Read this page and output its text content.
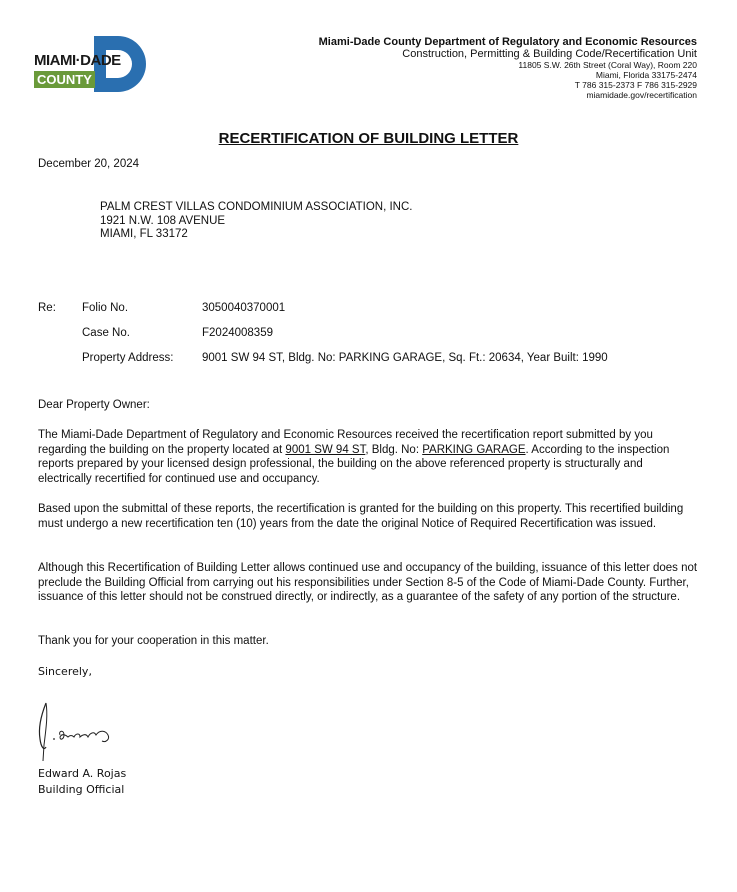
MIAMI·DADE
COUNTY
Miami-Dade County Department of Regulatory and Economic Resources
Construction, Permitting & Building Code/Recertification Unit
11805 S.W. 26th Street (Coral Way), Room 220
Miami, Florida 33175-2474
T 786 315-2373 F 786 315-2929
miamidade.gov/recertification
RECERTIFICATION OF BUILDING LETTER
December 20, 2024
PALM CREST VILLAS CONDOMINIUM ASSOCIATION, INC.
1921 N.W. 108 AVENUE
MIAMI, FL 33172
Re: Folio No.	3050040370001
Case No.	F2024008359
Property Address: 9001 SW 94 ST, Bldg. No: PARKING GARAGE, Sq. Ft.: 20634, Year Built: 1990
Dear Property Owner:
The Miami-Dade Department of Regulatory and Economic Resources received the recertification report submitted by you regarding the building on the property located at 9001 SW 94 ST, Bldg. No: PARKING GARAGE. According to the inspection reports prepared by your licensed design professional, the building on the above referenced property is structurally and electrically recertified for continued use and occupancy.
Based upon the submittal of these reports, the recertification is granted for the building on this property. This recertified building must undergo a new recertification ten (10) years from the date the original Notice of Required Recertification was issued.
Although this Recertification of Building Letter allows continued use and occupancy of the building, issuance of this letter does not preclude the Building Official from carrying out his responsibilities under Section 8-5 of the Code of Miami-Dade County. Further, issuance of this letter should not be construed directly, or indirectly, as a guarantee of the safety of any portion of the structure.
Thank you for your cooperation in this matter.
Sincerely,
Edward A. Rojas
Building Official
